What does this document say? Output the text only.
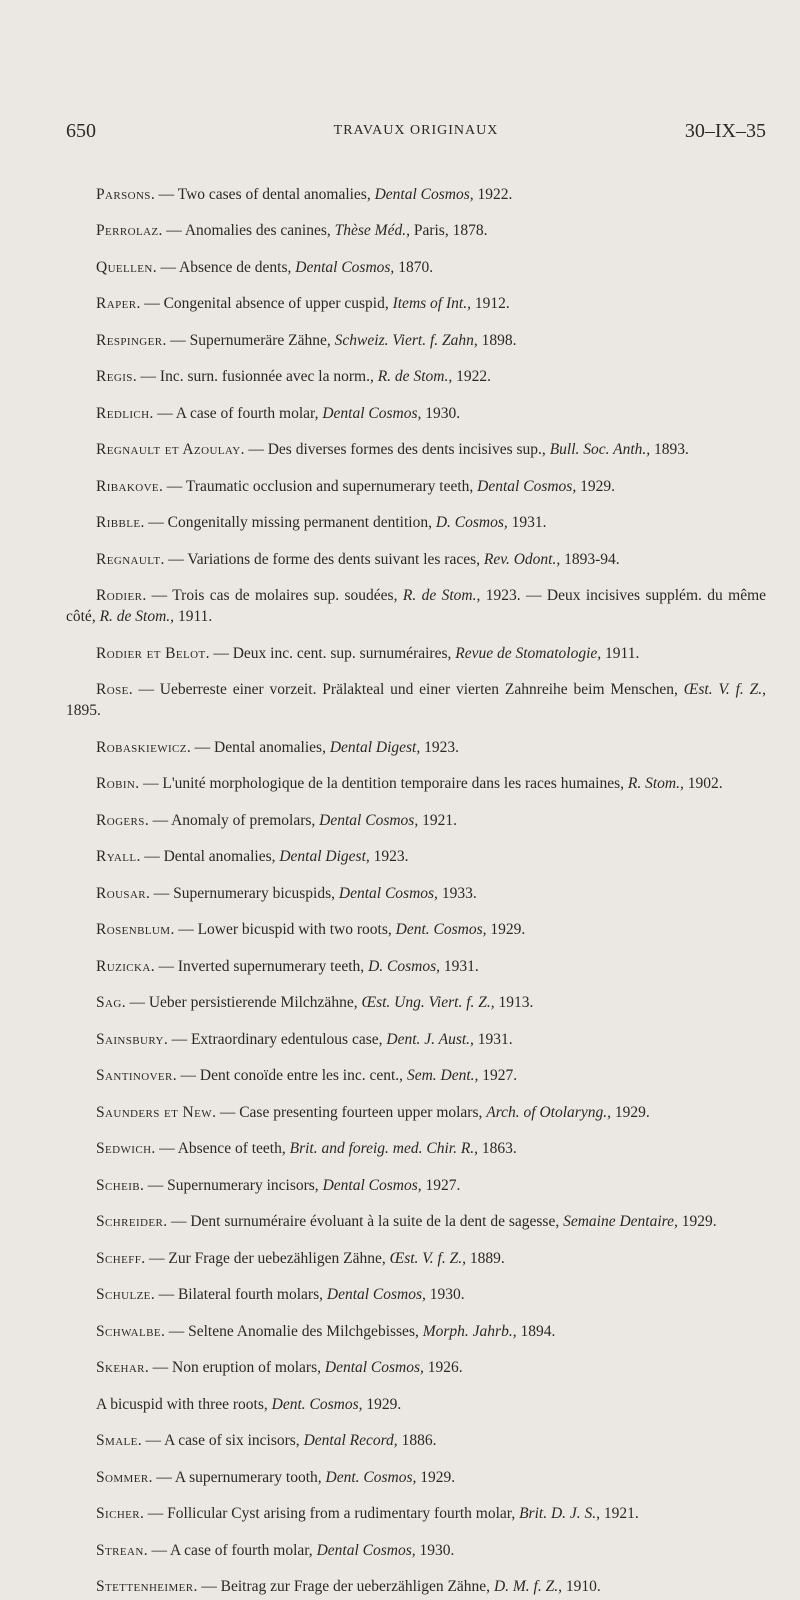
650	TRAVAUX ORIGINAUX	30–IX–35

Parsons. — Two cases of dental anomalies, Dental Cosmos, 1922.

Perrolaz. — Anomalies des canines, Thèse Méd., Paris, 1878.

Quellen. — Absence de dents, Dental Cosmos, 1870.

Raper. — Congenital absence of upper cuspid, Items of Int., 1912.

Respinger. — Supernumeräre Zähne, Schweiz. Viert. f. Zahn, 1898.

Regis. — Inc. surn. fusionnée avec la norm., R. de Stom., 1922.

Redlich. — A case of fourth molar, Dental Cosmos, 1930.

Regnault et Azoulay. — Des diverses formes des dents incisives sup., Bull. Soc. Anth., 1893.

Ribakove. — Traumatic occlusion and supernumerary teeth, Dental Cosmos, 1929.

Ribble. — Congenitally missing permanent dentition, D. Cosmos, 1931.

Regnault. — Variations de forme des dents suivant les races, Rev. Odont., 1893-94.

Rodier. — Trois cas de molaires sup. soudées, R. de Stom., 1923. — Deux incisives supplém. du même côté, R. de Stom., 1911.

Rodier et Belot. — Deux inc. cent. sup. surnuméraires, Revue de Stomatologie, 1911.

Rose. — Ueberreste einer vorzeit. Prälakteal und einer vierten Zahnreihe beim Menschen, Œst. V. f. Z., 1895.

Robaskiewicz. — Dental anomalies, Dental Digest, 1923.

Robin. — L'unité morphologique de la dentition temporaire dans les races humaines, R. Stom., 1902.

Rogers. — Anomaly of premolars, Dental Cosmos, 1921.

Ryall. — Dental anomalies, Dental Digest, 1923.

Rousar. — Supernumerary bicuspids, Dental Cosmos, 1933.

Rosenblum. — Lower bicuspid with two roots, Dent. Cosmos, 1929.

Ruzicka. — Inverted supernumerary teeth, D. Cosmos, 1931.

Sag. — Ueber persistierende Milchzähne, Œst. Ung. Viert. f. Z., 1913.

Sainsbury. — Extraordinary edentulous case, Dent. J. Aust., 1931.

Santinover. — Dent conoïde entre les inc. cent., Sem. Dent., 1927.

Saunders et New. — Case presenting fourteen upper molars, Arch. of Otolaryng., 1929.

Sedwich. — Absence of teeth, Brit. and foreig. med. Chir. R., 1863.

Scheib. — Supernumerary incisors, Dental Cosmos, 1927.

Schreider. — Dent surnuméraire évoluant à la suite de la dent de sagesse, Semaine Dentaire, 1929.

Scheff. — Zur Frage der uebezähligen Zähne, Œst. V. f. Z., 1889.

Schulze. — Bilateral fourth molars, Dental Cosmos, 1930.

Schwalbe. — Seltene Anomalie des Milchgebisses, Morph. Jahrb., 1894.

Skehar. — Non eruption of molars, Dental Cosmos, 1926.

A bicuspid with three roots, Dent. Cosmos, 1929.

Smale. — A case of six incisors, Dental Record, 1886.

Sommer. — A supernumerary tooth, Dent. Cosmos, 1929.

Sicher. — Follicular Cyst arising from a rudimentary fourth molar, Brit. D. J. S., 1921.

Strean. — A case of fourth molar, Dental Cosmos, 1930.

Stettenheimer. — Beitrag zur Frage der ueberzähligen Zähne, D. M. f. Z., 1910.
